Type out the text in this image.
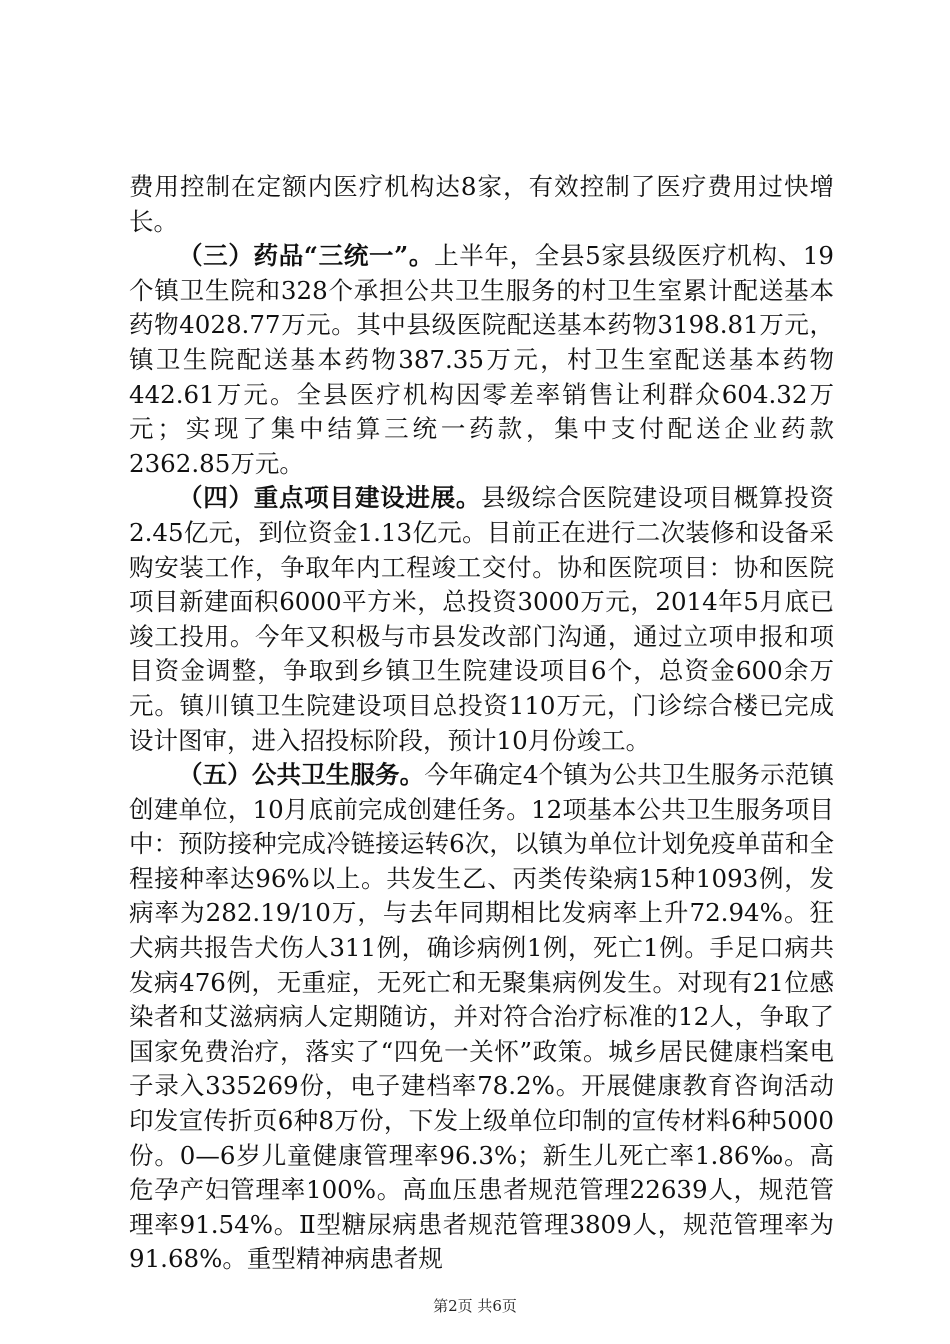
费用控制在定额内医疗机构达8家，有效控制了医疗费用过快增长。

（三）药品“三统一”。上半年，全县5家县级医疗机构、19个镇卫生院和328个承担公共卫生服务的村卫生室累计配送基本药物4028.77万元。其中县级医院配送基本药物3198.81万元，镇卫生院配送基本药物387.35万元，村卫生室配送基本药物442.61万元。全县医疗机构因零差率销售让利群众604.32万元；实现了集中结算三统一药款，集中支付配送企业药款2362.85万元。

（四）重点项目建设进展。县级综合医院建设项目概算投资2.45亿元，到位资金1.13亿元。目前正在进行二次装修和设备采购安装工作，争取年内工程竣工交付。协和医院项目：协和医院项目新建面积6000平方米，总投资3000万元，2014年5月底已竣工投用。今年又积极与市县发改部门沟通，通过立项申报和项目资金调整，争取到乡镇卫生院建设项目6个，总资金600余万元。镇川镇卫生院建设项目总投资110万元，门诊综合楼已完成设计图审，进入招投标阶段，预计10月份竣工。

（五）公共卫生服务。今年确定4个镇为公共卫生服务示范镇创建单位，10月底前完成创建任务。12项基本公共卫生服务项目中：预防接种完成冷链接运转6次，以镇为单位计划免疫单苗和全程接种率达96%以上。共发生乙、丙类传染病15种1093例，发病率为282.19/10万，与去年同期相比发病率上升72.94%。狂犬病共报告犬伤人311例，确诊病例1例，死亡1例。手足口病共发病476例，无重症，无死亡和无聚集病例发生。对现有21位感染者和艾滋病病人定期随访，并对符合治疗标准的12人，争取了国家免费治疗，落实了“四免一关怀”政策。城乡居民健康档案电子录入335269份，电子建档率78.2%。开展健康教育咨询活动印发宣传折页6种8万份，下发上级单位印制的宣传材料6种5000份。0—6岁儿童健康管理率96.3%；新生儿死亡率1.86‰。高危孕产妇管理率100%。高血压患者规范管理22639人，规范管理率91.54%。Ⅱ型糖尿病患者规范管理3809人，规范管理率为91.68%。重型精神病患者规

第2页 共6页
